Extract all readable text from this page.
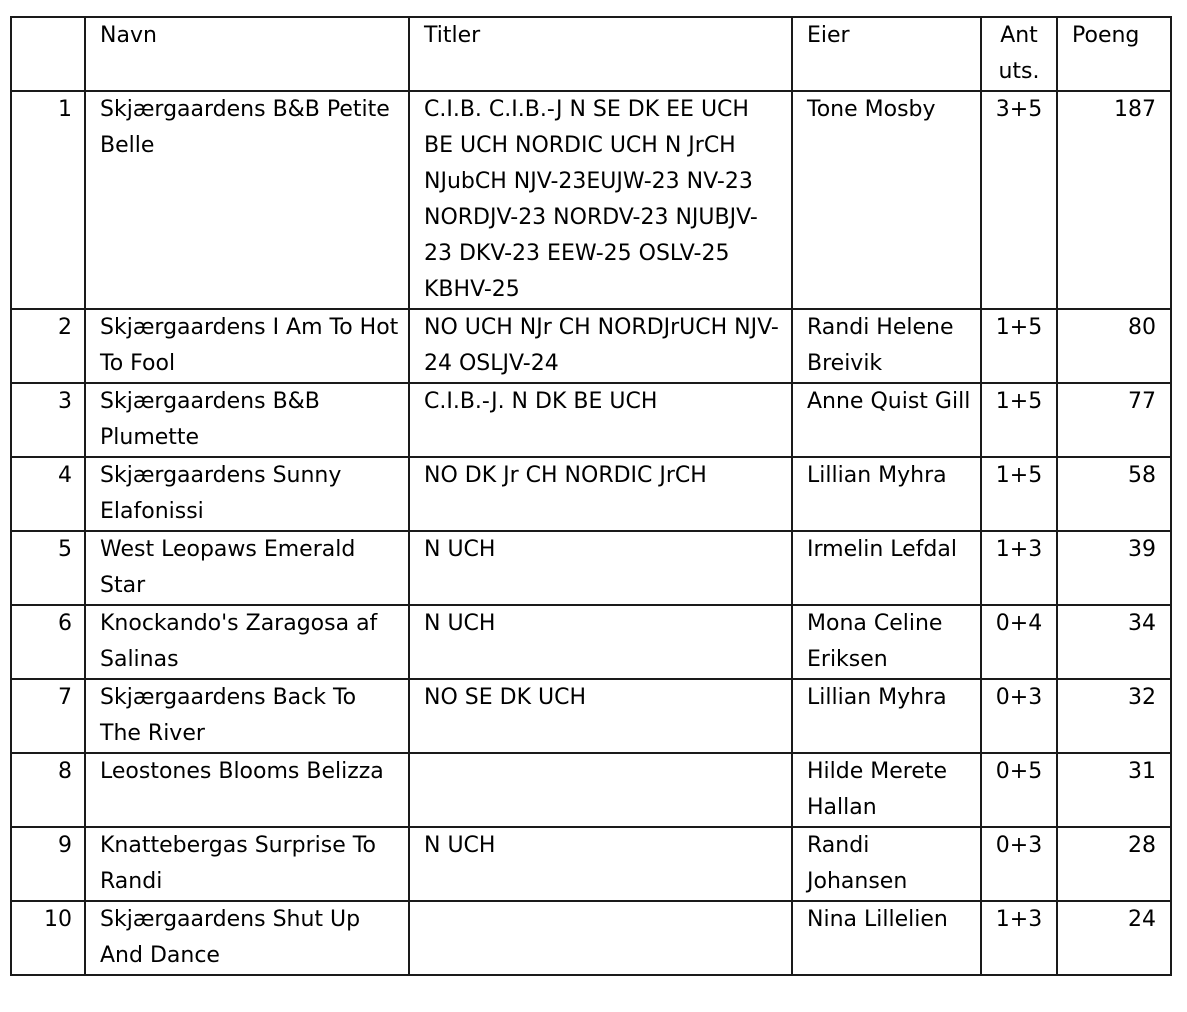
	Navn	Titler	Eier	Ant uts.	Poeng
1	Skjærgaardens B&B Petite Belle	C.I.B. C.I.B.-J N SE DK EE UCH BE UCH NORDIC UCH N JrCH NJubCH NJV-23EUJW-23 NV-23 NORDJV-23 NORDV-23 NJUBJV-23 DKV-23 EEW-25 OSLV-25 KBHV-25	Tone Mosby	3+5	187
2	Skjærgaardens I Am To Hot To Fool	NO UCH NJr CH NORDJrUCH NJV-24 OSLJV-24	Randi Helene Breivik	1+5	80
3	Skjærgaardens B&B Plumette	C.I.B.-J. N DK BE UCH	Anne Quist Gill	1+5	77
4	Skjærgaardens Sunny Elafonissi	NO DK Jr CH NORDIC JrCH	Lillian Myhra	1+5	58
5	West Leopaws Emerald Star	N UCH	Irmelin Lefdal	1+3	39
6	Knockando's Zaragosa af Salinas	N UCH	Mona Celine Eriksen	0+4	34
7	Skjærgaardens Back To The River	NO SE DK UCH	Lillian Myhra	0+3	32
8	Leostones Blooms Belizza		Hilde Merete Hallan	0+5	31
9	Knattebergas Surprise To Randi	N UCH	Randi Johansen	0+3	28
10	Skjærgaardens Shut Up And Dance		Nina Lillelien	1+3	24
